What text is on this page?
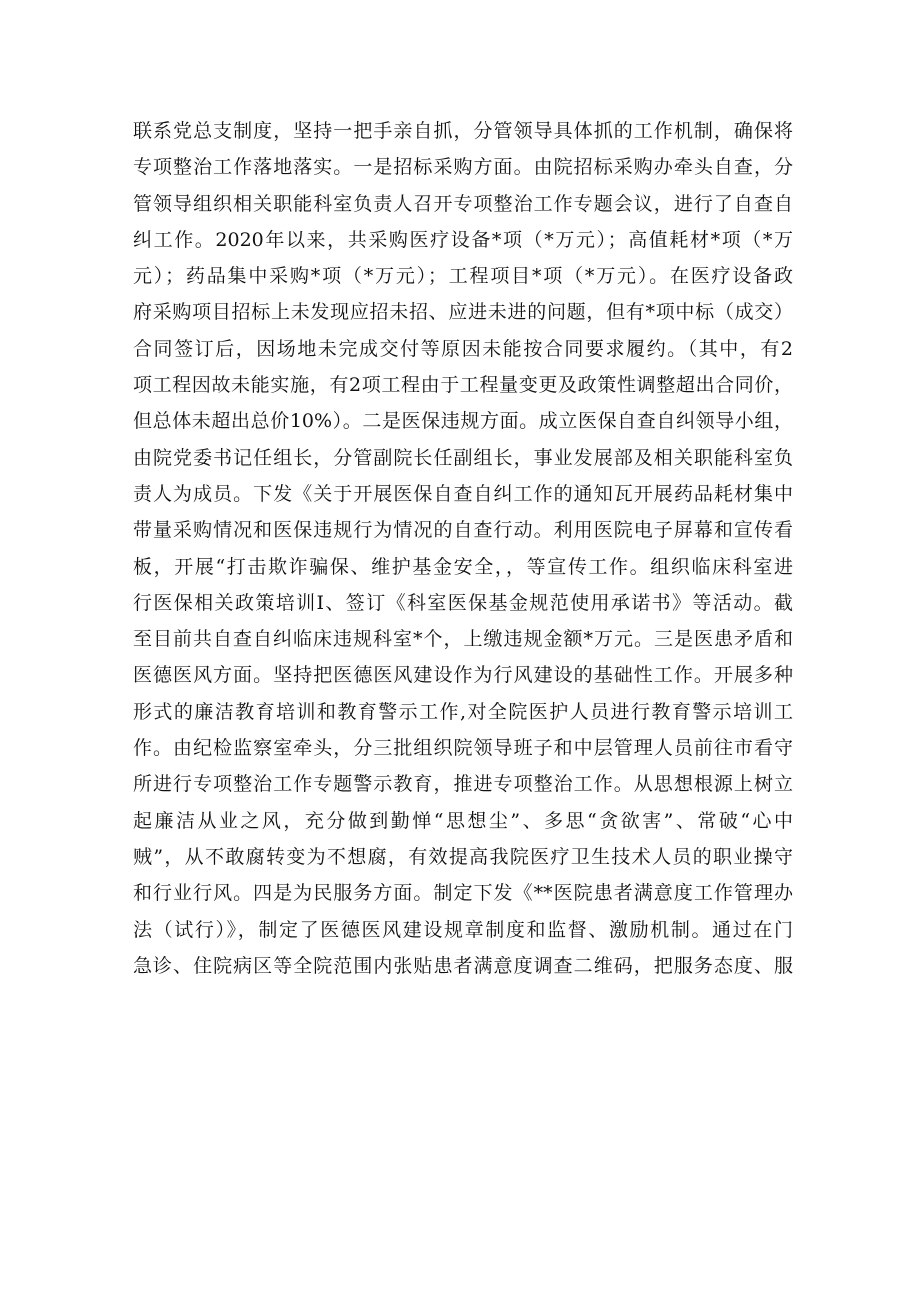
联系党总支制度，坚持一把手亲自抓，分管领导具体抓的工作机制，确保将
专项整治工作落地落实。一是招标采购方面。由院招标采购办牵头自查，分
管领导组织相关职能科室负责人召开专项整治工作专题会议，进行了自查自
纠工作。2020年以来，共采购医疗设备*项（*万元）；高值耗材*项（*万
元）；药品集中采购*项（*万元）；工程项目*项（*万元）。在医疗设备政
府采购项目招标上未发现应招未招、应进未进的问题，但有*项中标（成交）
合同签订后，因场地未完成交付等原因未能按合同要求履约。（其中，有2
项工程因故未能实施，有2项工程由于工程量变更及政策性调整超出合同价，
但总体未超出总价10%）。二是医保违规方面。成立医保自查自纠领导小组，
由院党委书记任组长，分管副院长任副组长，事业发展部及相关职能科室负
责人为成员。下发《关于开展医保自查自纠工作的通知瓦开展药品耗材集中
带量采购情况和医保违规行为情况的自查行动。利用医院电子屏幕和宣传看
板，开展“打击欺诈骗保、维护基金安全，，等宣传工作。组织临床科室进
行医保相关政策培训I、签订《科室医保基金规范使用承诺书》等活动。截
至目前共自查自纠临床违规科室*个，上缴违规金额*万元。三是医患矛盾和
医德医风方面。坚持把医德医风建设作为行风建设的基础性工作。开展多种
形式的廉洁教育培训和教育警示工作,对全院医护人员进行教育警示培训工
作。由纪检监察室牵头，分三批组织院领导班子和中层管理人员前往市看守
所进行专项整治工作专题警示教育，推进专项整治工作。从思想根源上树立
起廉洁从业之风，充分做到勤惮“思想尘”、多思“贪欲害”、常破“心中
贼”，从不敢腐转变为不想腐，有效提高我院医疗卫生技术人员的职业操守
和行业行风。四是为民服务方面。制定下发《**医院患者满意度工作管理办
法（试行）》，制定了医德医风建设规章制度和监督、激励机制。通过在门
急诊、住院病区等全院范围内张贴患者满意度调查二维码，把服务态度、服
